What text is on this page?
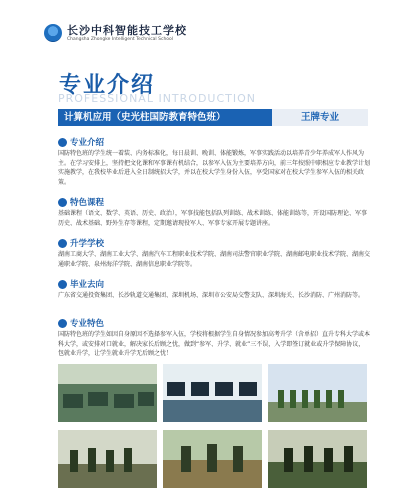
长沙中科智能技工学校
Changsha Zhongke Intelligent Technical School
专业介绍
PROFESSIONAL INTRODUCTION
计算机应用（史光柱国防教育特色班）	王牌专业
专业介绍
国防特色班的学生统一着装、内务标准化，每日晨训、晚训、体能锻炼，军事实践活动以培养青少年养成军人作风为主。在学习安排上，坚持把文化课和军事课有机结合，以参军入伍为主要培养方向，前三年按照中职相应专业教学计划实施教学，在我校毕业后进入全日制统招大学，并以在校大学生身份入伍，享受国家对在校大学生参军入伍的相关政策。
特色课程
基础课程（语文、数学、英语、历史、政治），军事技能包括队列训练、战术训练、体能训练等，开设国防理论、军事历史、战术基础、野外生存等课程，定期邀请现役军人、军事专家开展专题讲座。
升学学校
湖南工商大学、湖南工业大学、湖南汽车工程职业技术学院、湖南司法警官职业学院、湖南邮电职业技术学院、湖南交通职业学院、泉州海洋学院、湖南信息职业学院等。
毕业去向
广东省交通投资集团、长沙轨道交通集团、深圳机场、深圳市公安局交警支队、深圳海关、长沙消防、广州消防等。
专业特色
国防特色班的学生如因自身原因不选择参军入伍，学校将根据学生自身情况参加高考升学（含单招）直升专科大学或本科大学，或安排对口就业，解决家长后顾之忧，做到“参军、升学、就业”三不误，入学即签订就业或升学保障协议，包就业升学，让学生就业升学无后顾之忧！
